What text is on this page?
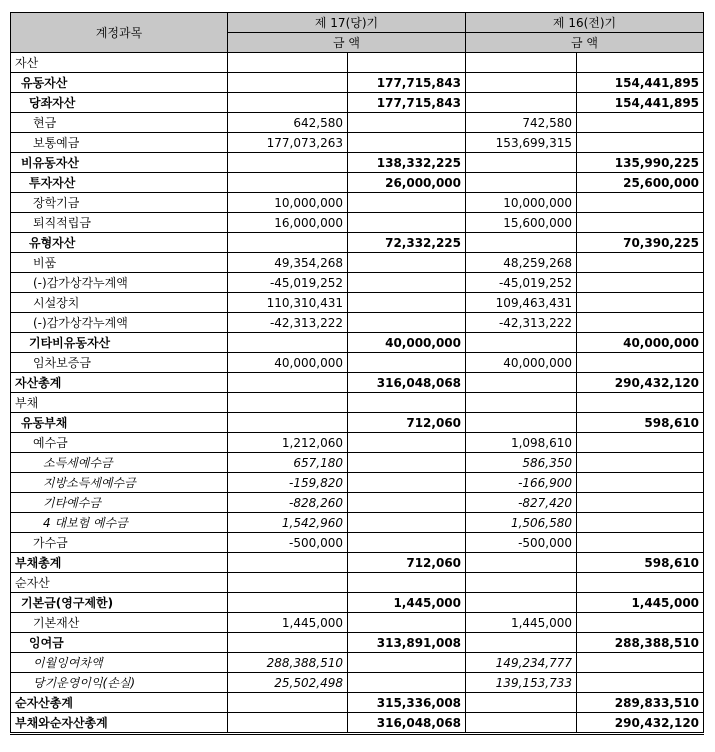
계정과목	제 17(당)기		제 16(전)기	
	금 액		금 액	
자산				
유동자산		177,715,843		154,441,895
당좌자산		177,715,843		154,441,895
현금	642,580		742,580	
보통예금	177,073,263		153,699,315	
비유동자산		138,332,225		135,990,225
투자자산		26,000,000		25,600,000
장학기금	10,000,000		10,000,000	
퇴직적립금	16,000,000		15,600,000	
유형자산		72,332,225		70,390,225
비품	49,354,268		48,259,268	
(-)감가상각누계액	-45,019,252		-45,019,252	
시설장치	110,310,431		109,463,431	
(-)감가상각누계액	-42,313,222		-42,313,222	
기타비유동자산		40,000,000		40,000,000
임차보증금	40,000,000		40,000,000	
자산총계		316,048,068		290,432,120
부채				
유동부채		712,060		598,610
예수금	1,212,060		1,098,610	
소득세예수금	657,180		586,350	
지방소득세예수금	-159,820		-166,900	
기타예수금	-828,260		-827,420	
4 대보험 예수금	1,542,960		1,506,580	
가수금	-500,000		-500,000	
부채총계		712,060		598,610
순자산				
기본금(영구제한)		1,445,000		1,445,000
기본재산	1,445,000		1,445,000	
잉여금		313,891,008		288,388,510
이월잉여차액	288,388,510		149,234,777	
당기운영이익(손실)	25,502,498		139,153,733	
순자산총계		315,336,008		289,833,510
부채와순자산총계		316,048,068		290,432,120
